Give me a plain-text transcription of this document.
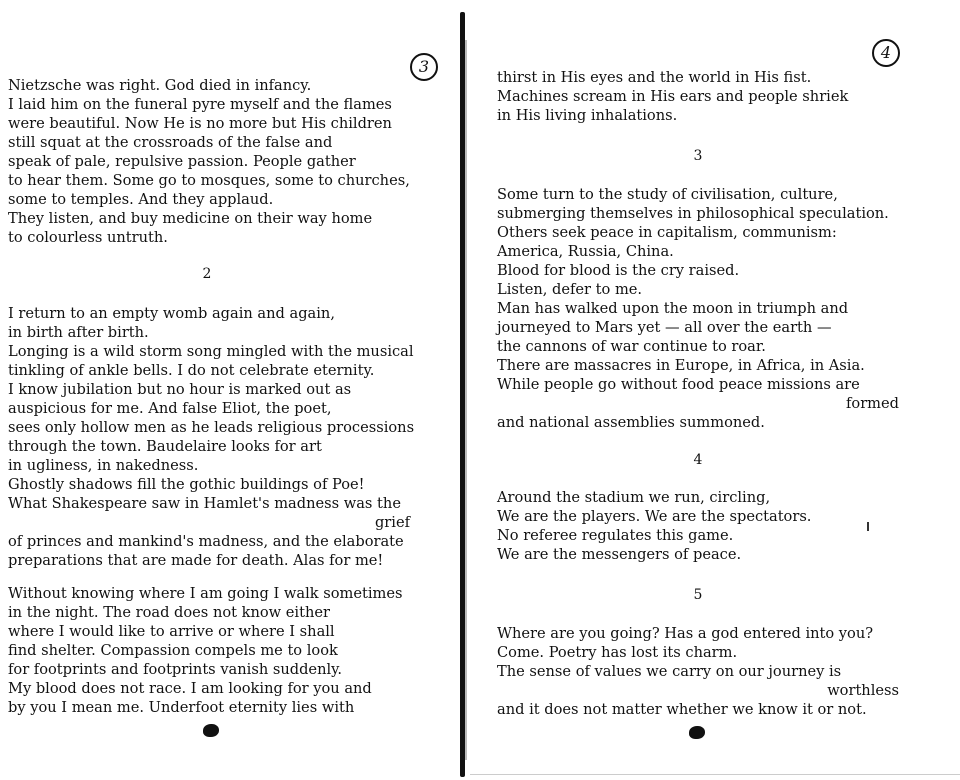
3
Nietzsche was right. God died in infancy.
I laid him on the funeral pyre myself and the flames
were beautiful. Now He is no more but His children
still squat at the crossroads of the false and
speak of pale, repulsive passion. People gather
to hear them. Some go to mosques, some to churches,
some to temples. And they applaud.
They listen, and buy medicine on their way home
to colourless untruth.
2
I return to an empty womb again and again,
in birth after birth.
Longing is a wild storm song mingled with the musical
tinkling of ankle bells. I do not celebrate eternity.
I know jubilation but no hour is marked out as
auspicious for me. And false Eliot, the poet,
sees only hollow men as he leads religious processions
through the town. Baudelaire looks for art
in ugliness, in nakedness.
Ghostly shadows fill the gothic buildings of Poe!
What Shakespeare saw in Hamlet's madness was the
grief
of princes and mankind's madness, and the elaborate
preparations that are made for death. Alas for me!
Without knowing where I am going I walk sometimes
in the night. The road does not know either
where I would like to arrive or where I shall
find shelter. Compassion compels me to look
for footprints and footprints vanish suddenly.
My blood does not race. I am looking for you and
by you I mean me. Underfoot eternity lies with
4
thirst in His eyes and the world in His fist.
Machines scream in His ears and people shriek
in His living inhalations.
3
Some turn to the study of civilisation, culture,
submerging themselves in philosophical speculation.
Others seek peace in capitalism, communism:
America, Russia, China.
Blood for blood is the cry raised.
Listen, defer to me.
Man has walked upon the moon in triumph and
journeyed to Mars yet — all over the earth —
the cannons of war continue to roar.
There are massacres in Europe, in Africa, in Asia.
While people go without food peace missions are
formed
and national assemblies summoned.
4
Around the stadium we run, circling,
We are the players. We are the spectators.
No referee regulates this game.
We are the messengers of peace.
5
Where are you going? Has a god entered into you?
Come. Poetry has lost its charm.
The sense of values we carry on our journey is
worthless
and it does not matter whether we know it or not.
